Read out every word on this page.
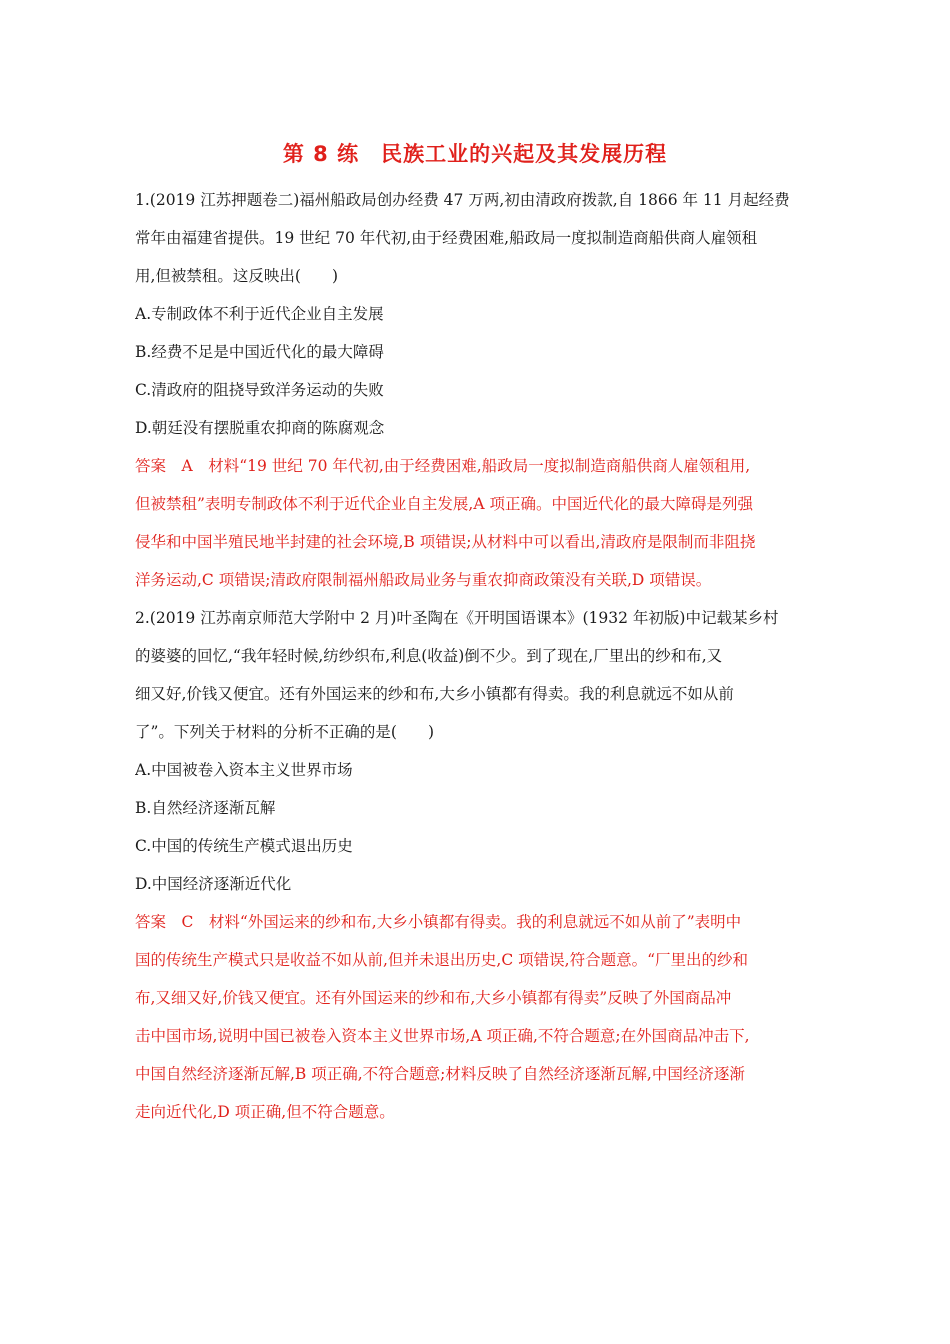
第 8 练　民族工业的兴起及其发展历程
1.(2019 江苏押题卷二)福州船政局创办经费 47 万两,初由清政府拨款,自 1866 年 11 月起经费
常年由福建省提供。19 世纪 70 年代初,由于经费困难,船政局一度拟制造商船供商人雇领租
用,但被禁租。这反映出(　　)
A.专制政体不利于近代企业自主发展
B.经费不足是中国近代化的最大障碍
C.清政府的阻挠导致洋务运动的失败
D.朝廷没有摆脱重农抑商的陈腐观念
答案　A　材料“19 世纪 70 年代初,由于经费困难,船政局一度拟制造商船供商人雇领租用,
但被禁租”表明专制政体不利于近代企业自主发展,A 项正确。中国近代化的最大障碍是列强
侵华和中国半殖民地半封建的社会环境,B 项错误;从材料中可以看出,清政府是限制而非阻挠
洋务运动,C 项错误;清政府限制福州船政局业务与重农抑商政策没有关联,D 项错误。
2.(2019 江苏南京师范大学附中 2 月)叶圣陶在《开明国语课本》(1932 年初版)中记载某乡村
的婆婆的回忆,“我年轻时候,纺纱织布,利息(收益)倒不少。到了现在,厂里出的纱和布,又
细又好,价钱又便宜。还有外国运来的纱和布,大乡小镇都有得卖。我的利息就远不如从前
了”。下列关于材料的分析不正确的是(　　)
A.中国被卷入资本主义世界市场
B.自然经济逐渐瓦解
C.中国的传统生产模式退出历史
D.中国经济逐渐近代化
答案　C　材料“外国运来的纱和布,大乡小镇都有得卖。我的利息就远不如从前了”表明中
国的传统生产模式只是收益不如从前,但并未退出历史,C 项错误,符合题意。“厂里出的纱和
布,又细又好,价钱又便宜。还有外国运来的纱和布,大乡小镇都有得卖”反映了外国商品冲
击中国市场,说明中国已被卷入资本主义世界市场,A 项正确,不符合题意;在外国商品冲击下,
中国自然经济逐渐瓦解,B 项正确,不符合题意;材料反映了自然经济逐渐瓦解,中国经济逐渐
走向近代化,D 项正确,但不符合题意。
